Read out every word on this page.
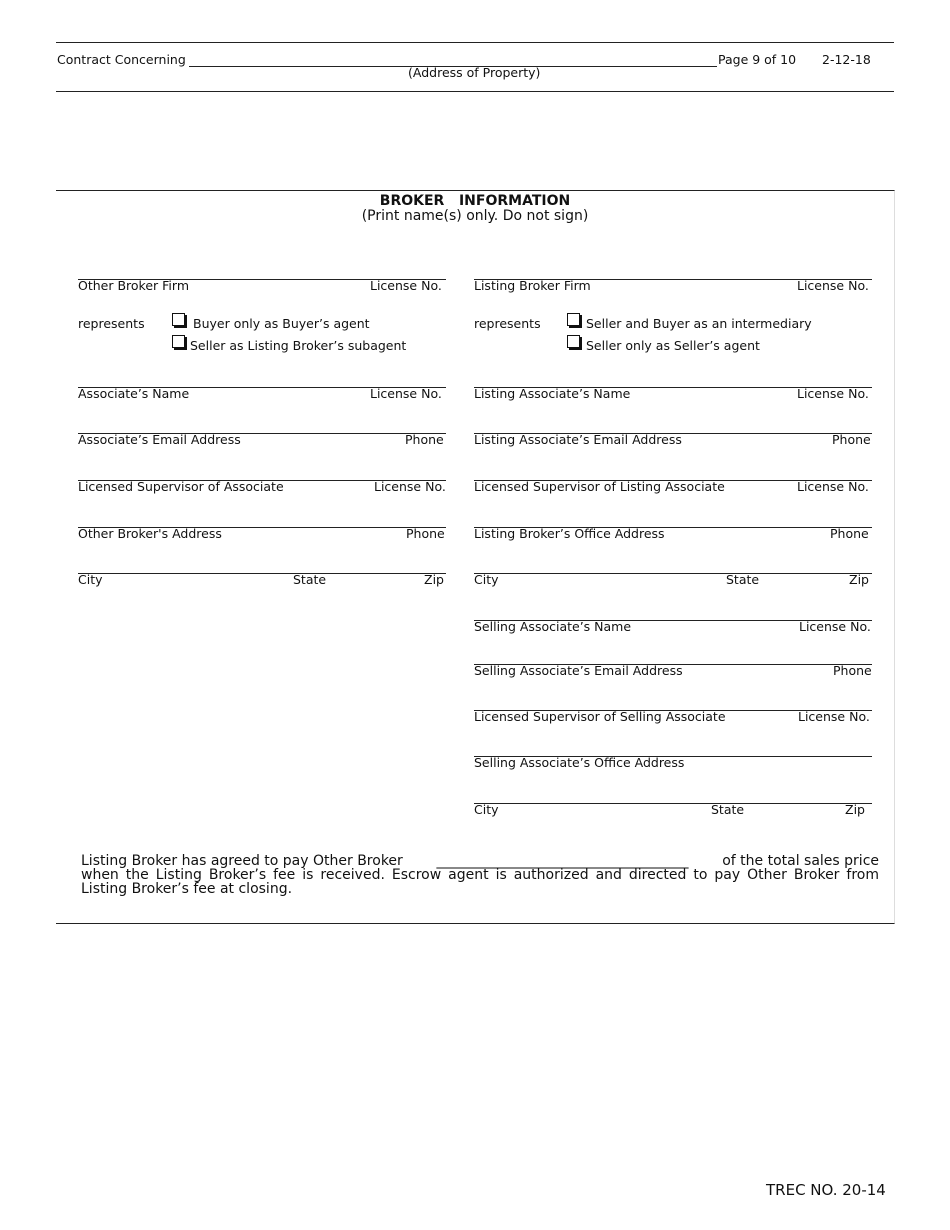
Contract Concerning
(Address of Property)
Page 9 of 10 2-12-18
BROKER   INFORMATION
(Print name(s) only. Do not sign)
Other Broker Firm	License No.
represents	Buyer only as Buyer’s agent
Seller as Listing Broker’s subagent
Associate’s Name	License No.
Associate’s Email Address	Phone
Licensed Supervisor of Associate	License No.
Other Broker's Address	Phone
City	State	Zip
Listing Broker Firm	License No.
represents	Seller and Buyer as an intermediary
Seller only as Seller’s agent
Listing Associate’s Name	License No.
Listing Associate’s Email Address	Phone
Licensed Supervisor of Listing Associate	License No.
Listing Broker’s Office Address	Phone
City	State	Zip
Selling Associate’s Name	License No.
Selling Associate’s Email Address	Phone
Licensed Supervisor of Selling Associate	License No.
Selling Associate’s Office Address
City	State	Zip
Listing Broker has agreed to pay Other Broker ____________________________________ of the total sales price
when the Listing Broker’s fee is received. Escrow agent is authorized and directed to pay Other Broker from
Listing Broker’s fee at closing.
TREC NO. 20-14
